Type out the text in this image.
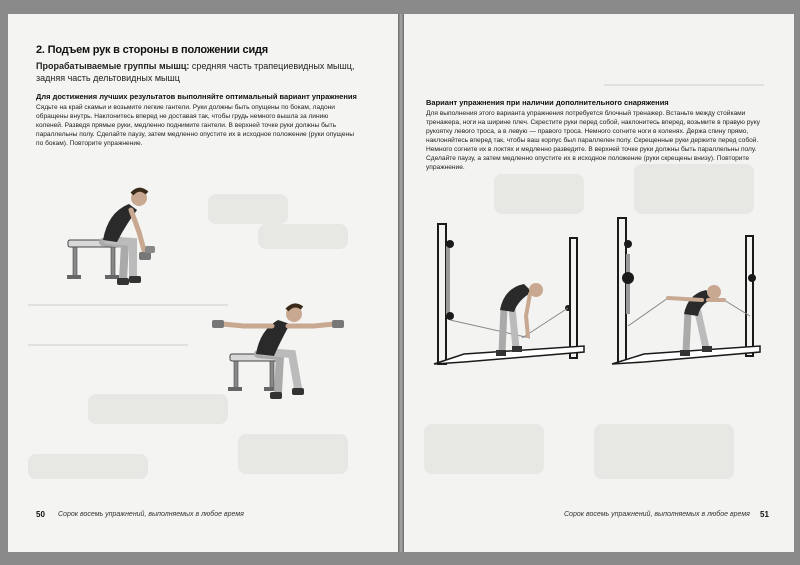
2. Подъем рук в стороны в положении сидя
Прорабатываемые группы мышц: средняя часть трапециевидных мышц, задняя часть дельтовидных мышц
Для достижения лучших результатов выполняйте оптимальный вариант упражнения
Сядьте на край скамьи и возьмите легкие гантели. Руки должны быть опущены по бокам, ладони обращены внутрь. Наклонитесь вперед не доставая так, чтобы грудь немного вышла за линию коленей. Разведя прямые руки, медленно поднимите гантели. В верхней точке руки должны быть параллельны полу. Сделайте паузу, затем медленно опустите их в исходное положение (руки опущены по бокам). Повторите упражнение.
50 Сорок восемь упражнений, выполняемых в любое время
Вариант упражнения при наличии дополнительного снаряжения
Для выполнения этого варианта упражнения потребуется блочный тренажер. Встаньте между стойками тренажера, ноги на ширине плеч. Скрестите руки перед собой, наклонитесь вперед, возьмите в правую руку рукоятку левого троса, а в левую — правого троса. Немного согните ноги в коленях. Держа спину прямо, наклоняйтесь вперед так, чтобы ваш корпус был параллелен полу. Скрещенные руки держите перед собой. Немного согните их в локтях и медленно разведите. В верхней точке руки должны быть параллельны полу. Сделайте паузу, а затем медленно опустите их в исходное положение (руки скрещены внизу). Повторите упражнение.
Сорок восемь упражнений, выполняемых в любое время 51
